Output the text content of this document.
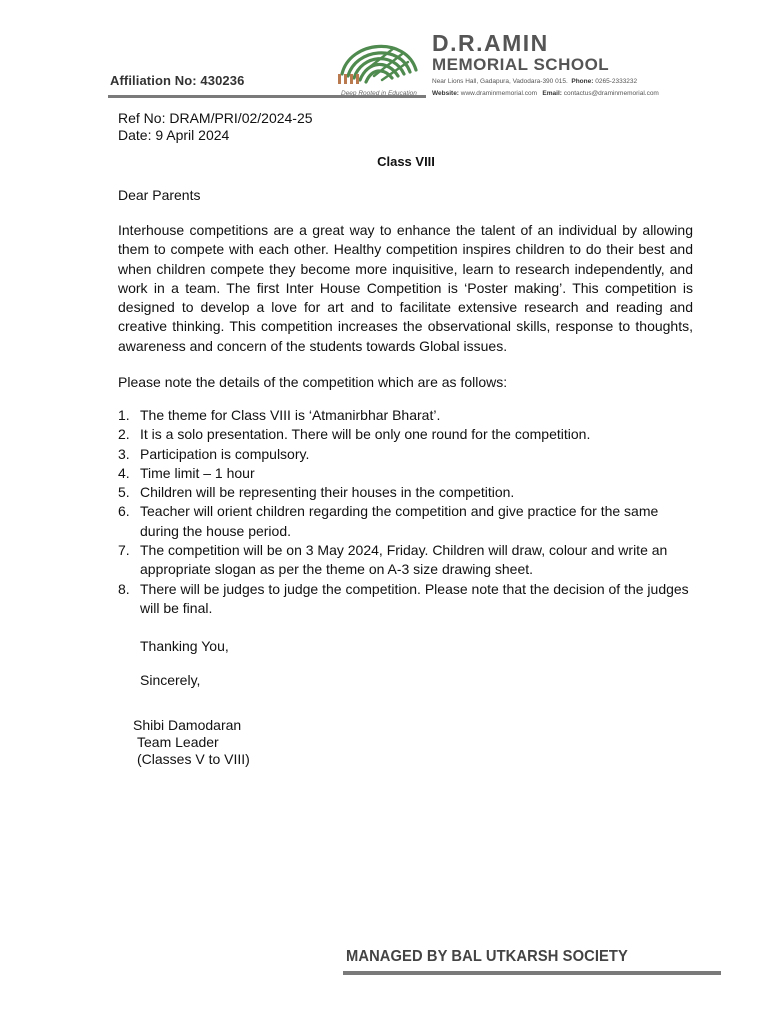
Affiliation No: 430236
Deep Rooted in Education
D.R.AMIN
MEMORIAL SCHOOL
Near Lions Hall, Gadapura, Vadodara-390 015. Phone: 0265-2333232
Website: www.draminmemorial.com Email: contactus@draminmemorial.com
Ref No: DRAM/PRI/02/2024-25
Date: 9 April 2024
Class VIII
Dear Parents
Interhouse competitions are a great way to enhance the talent of an individual by allowing them to compete with each other. Healthy competition inspires children to do their best and when children compete they become more inquisitive, learn to research independently, and work in a team. The first Inter House Competition is ‘Poster making’. This competition is designed to develop a love for art and to facilitate extensive research and reading and creative thinking. This competition increases the observational skills, response to thoughts, awareness and concern of the students towards Global issues.
Please note the details of the competition which are as follows:
1. The theme for Class VIII is ‘Atmanirbhar Bharat’.
2. It is a solo presentation. There will be only one round for the competition.
3. Participation is compulsory.
4. Time limit – 1 hour
5. Children will be representing their houses in the competition.
6. Teacher will orient children regarding the competition and give practice for the same during the house period.
7. The competition will be on 3 May 2024, Friday. Children will draw, colour and write an appropriate slogan as per the theme on A-3 size drawing sheet.
8. There will be judges to judge the competition. Please note that the decision of the judges will be final.
Thanking You,
Sincerely,
Shibi Damodaran
Team Leader
(Classes V to VIII)
MANAGED BY BAL UTKARSH SOCIETY
